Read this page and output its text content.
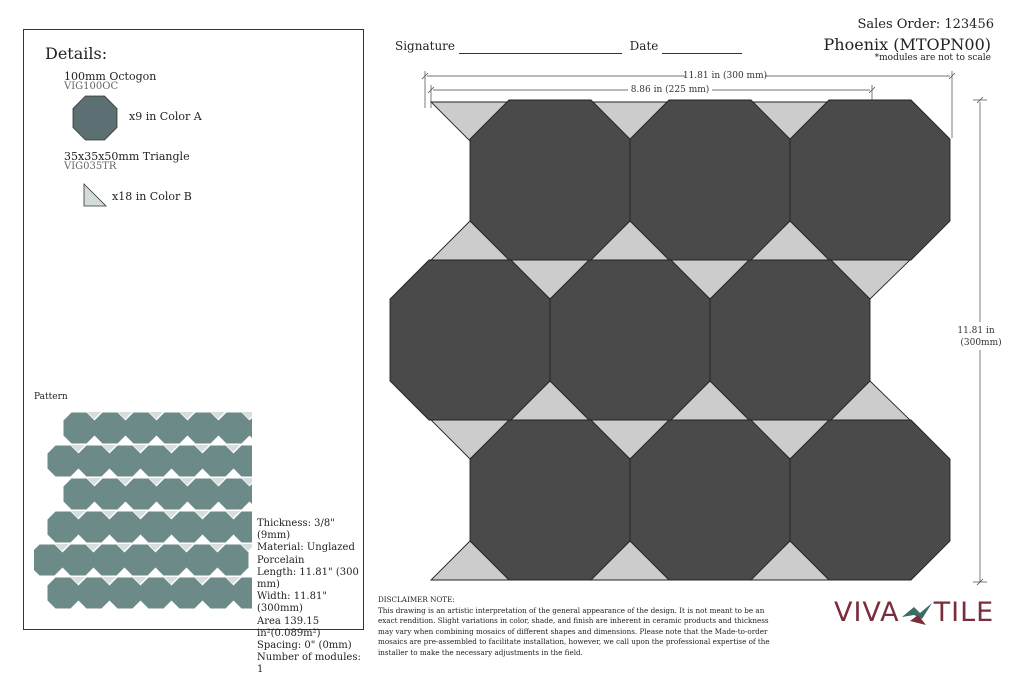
Details:
100mm Octogon
VIG100OC
x9 in Color A
35x35x50mm Triangle
VIG035TR
x18 in Color B
Pattern
Thickness: 3/8" (9mm)
Material: Unglazed
Porcelain
Length: 11.81" (300 mm)
Width: 11.81" (300mm)
Area 139.15 in²(0.089m²)
Spacing: 0" (0mm)
Number of modules: 1
Signature	Date
Sales Order: 123456
Phoenix (MTOPN00)
*modules are not to scale
11.81 in (300 mm)
8.86 in (225 mm)
11.81 in
(300mm)
DISCLAIMER NOTE:
This drawing is an artistic interpretation of the general appearance of the design. It is not meant to be an exact rendition. Slight variations in color, shade, and finish are inherent in ceramic products and thickness may vary when combining mosaics of different shapes and dimensions. Please note that the Made-to-order mosaics are pre-assembled to facilitate installation, however, we call upon the professional expertise of the installer to make the necessary adjustments in the field.
VIVA TILE
